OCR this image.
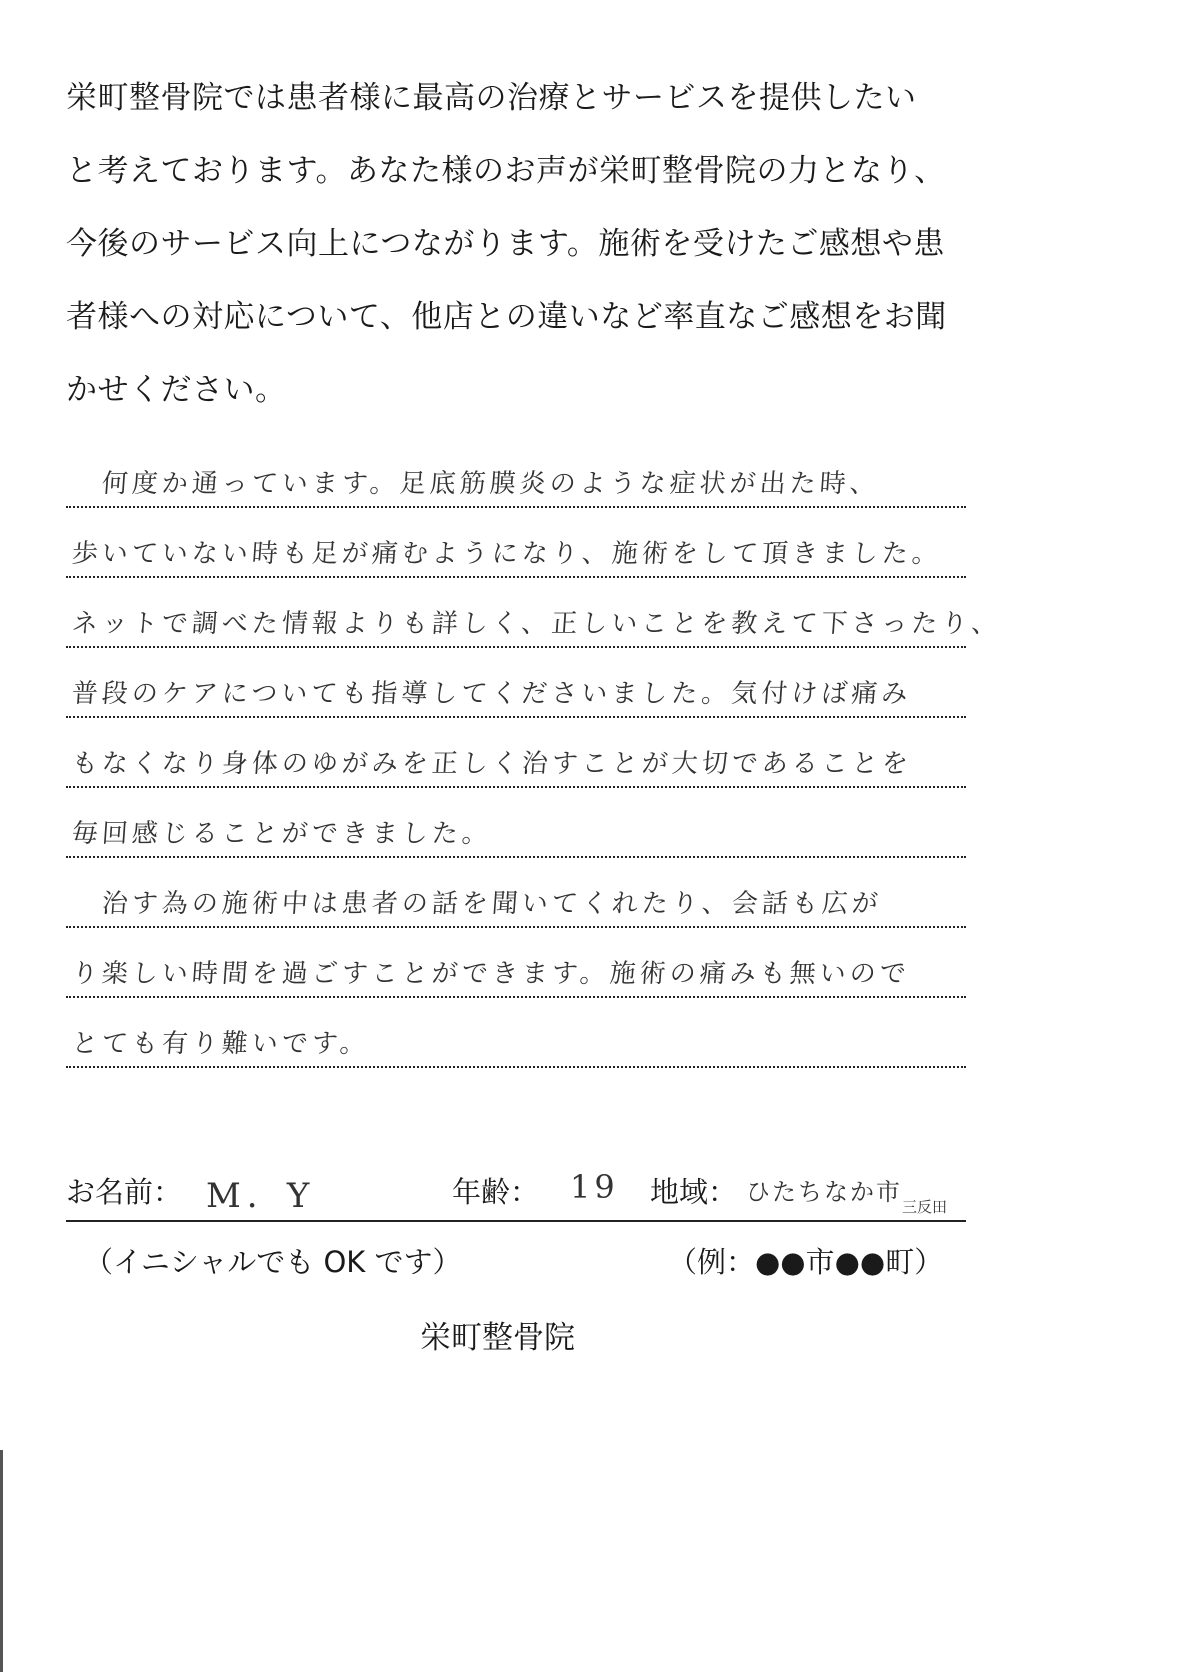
栄町整骨院では患者様に最高の治療とサービスを提供したい
と考えております。あなた様のお声が栄町整骨院の力となり、
今後のサービス向上につながります。施術を受けたご感想や患
者様への対応について、他店との違いなど率直なご感想をお聞
かせください。
　何度か通っています。足底筋膜炎のような症状が出た時、
歩いていない時も足が痛むようになり、施術をして頂きました。
ネットで調べた情報よりも詳しく、正しいことを教えて下さったり、
普段のケアについても指導してくださいました。気付けば痛み
もなくなり身体のゆがみを正しく治すことが大切であることを
毎回感じることができました。
　治す為の施術中は患者の話を聞いてくれたり、会話も広が
り楽しい時間を過ごすことができます。施術の痛みも無いので
とても有り難いです。
お名前： M．Y	年齢： 19 地域： ひたちなか市
三反田
（イニシャルでも OK です）	（例：●●市●●町）
栄町整骨院
